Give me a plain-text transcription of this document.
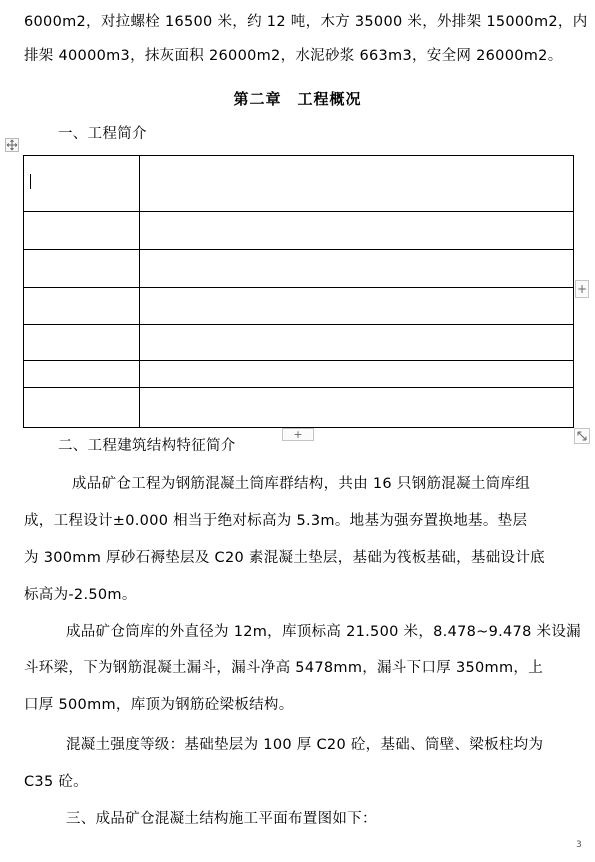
6000m2，对拉螺栓 16500 米，约 12 吨，木方 35000 米，外排架 15000m2，内
排架 40000m3，抹灰面积 26000m2，水泥砂浆 663m3，安全网 26000m2。
第二章　工程概况
一、工程简介

+
+
二、工程建筑结构特征简介
成品矿仓工程为钢筋混凝土筒库群结构，共由 16 只钢筋混凝土筒库组
成，工程设计±0.000 相当于绝对标高为 5.3m。地基为强夯置换地基。垫层
为 300mm 厚砂石褥垫层及 C20 素混凝土垫层，基础为筏板基础，基础设计底
标高为-2.50m。
成品矿仓筒库的外直径为 12m，库顶标高 21.500 米，8.478~9.478 米设漏
斗环梁，下为钢筋混凝土漏斗，漏斗净高 5478mm，漏斗下口厚 350mm，上
口厚 500mm，库顶为钢筋砼梁板结构。
混凝土强度等级：基础垫层为 100 厚 C20 砼，基础、筒壁、梁板柱均为
C35 砼。
三、成品矿仓混凝土结构施工平面布置图如下：
3
